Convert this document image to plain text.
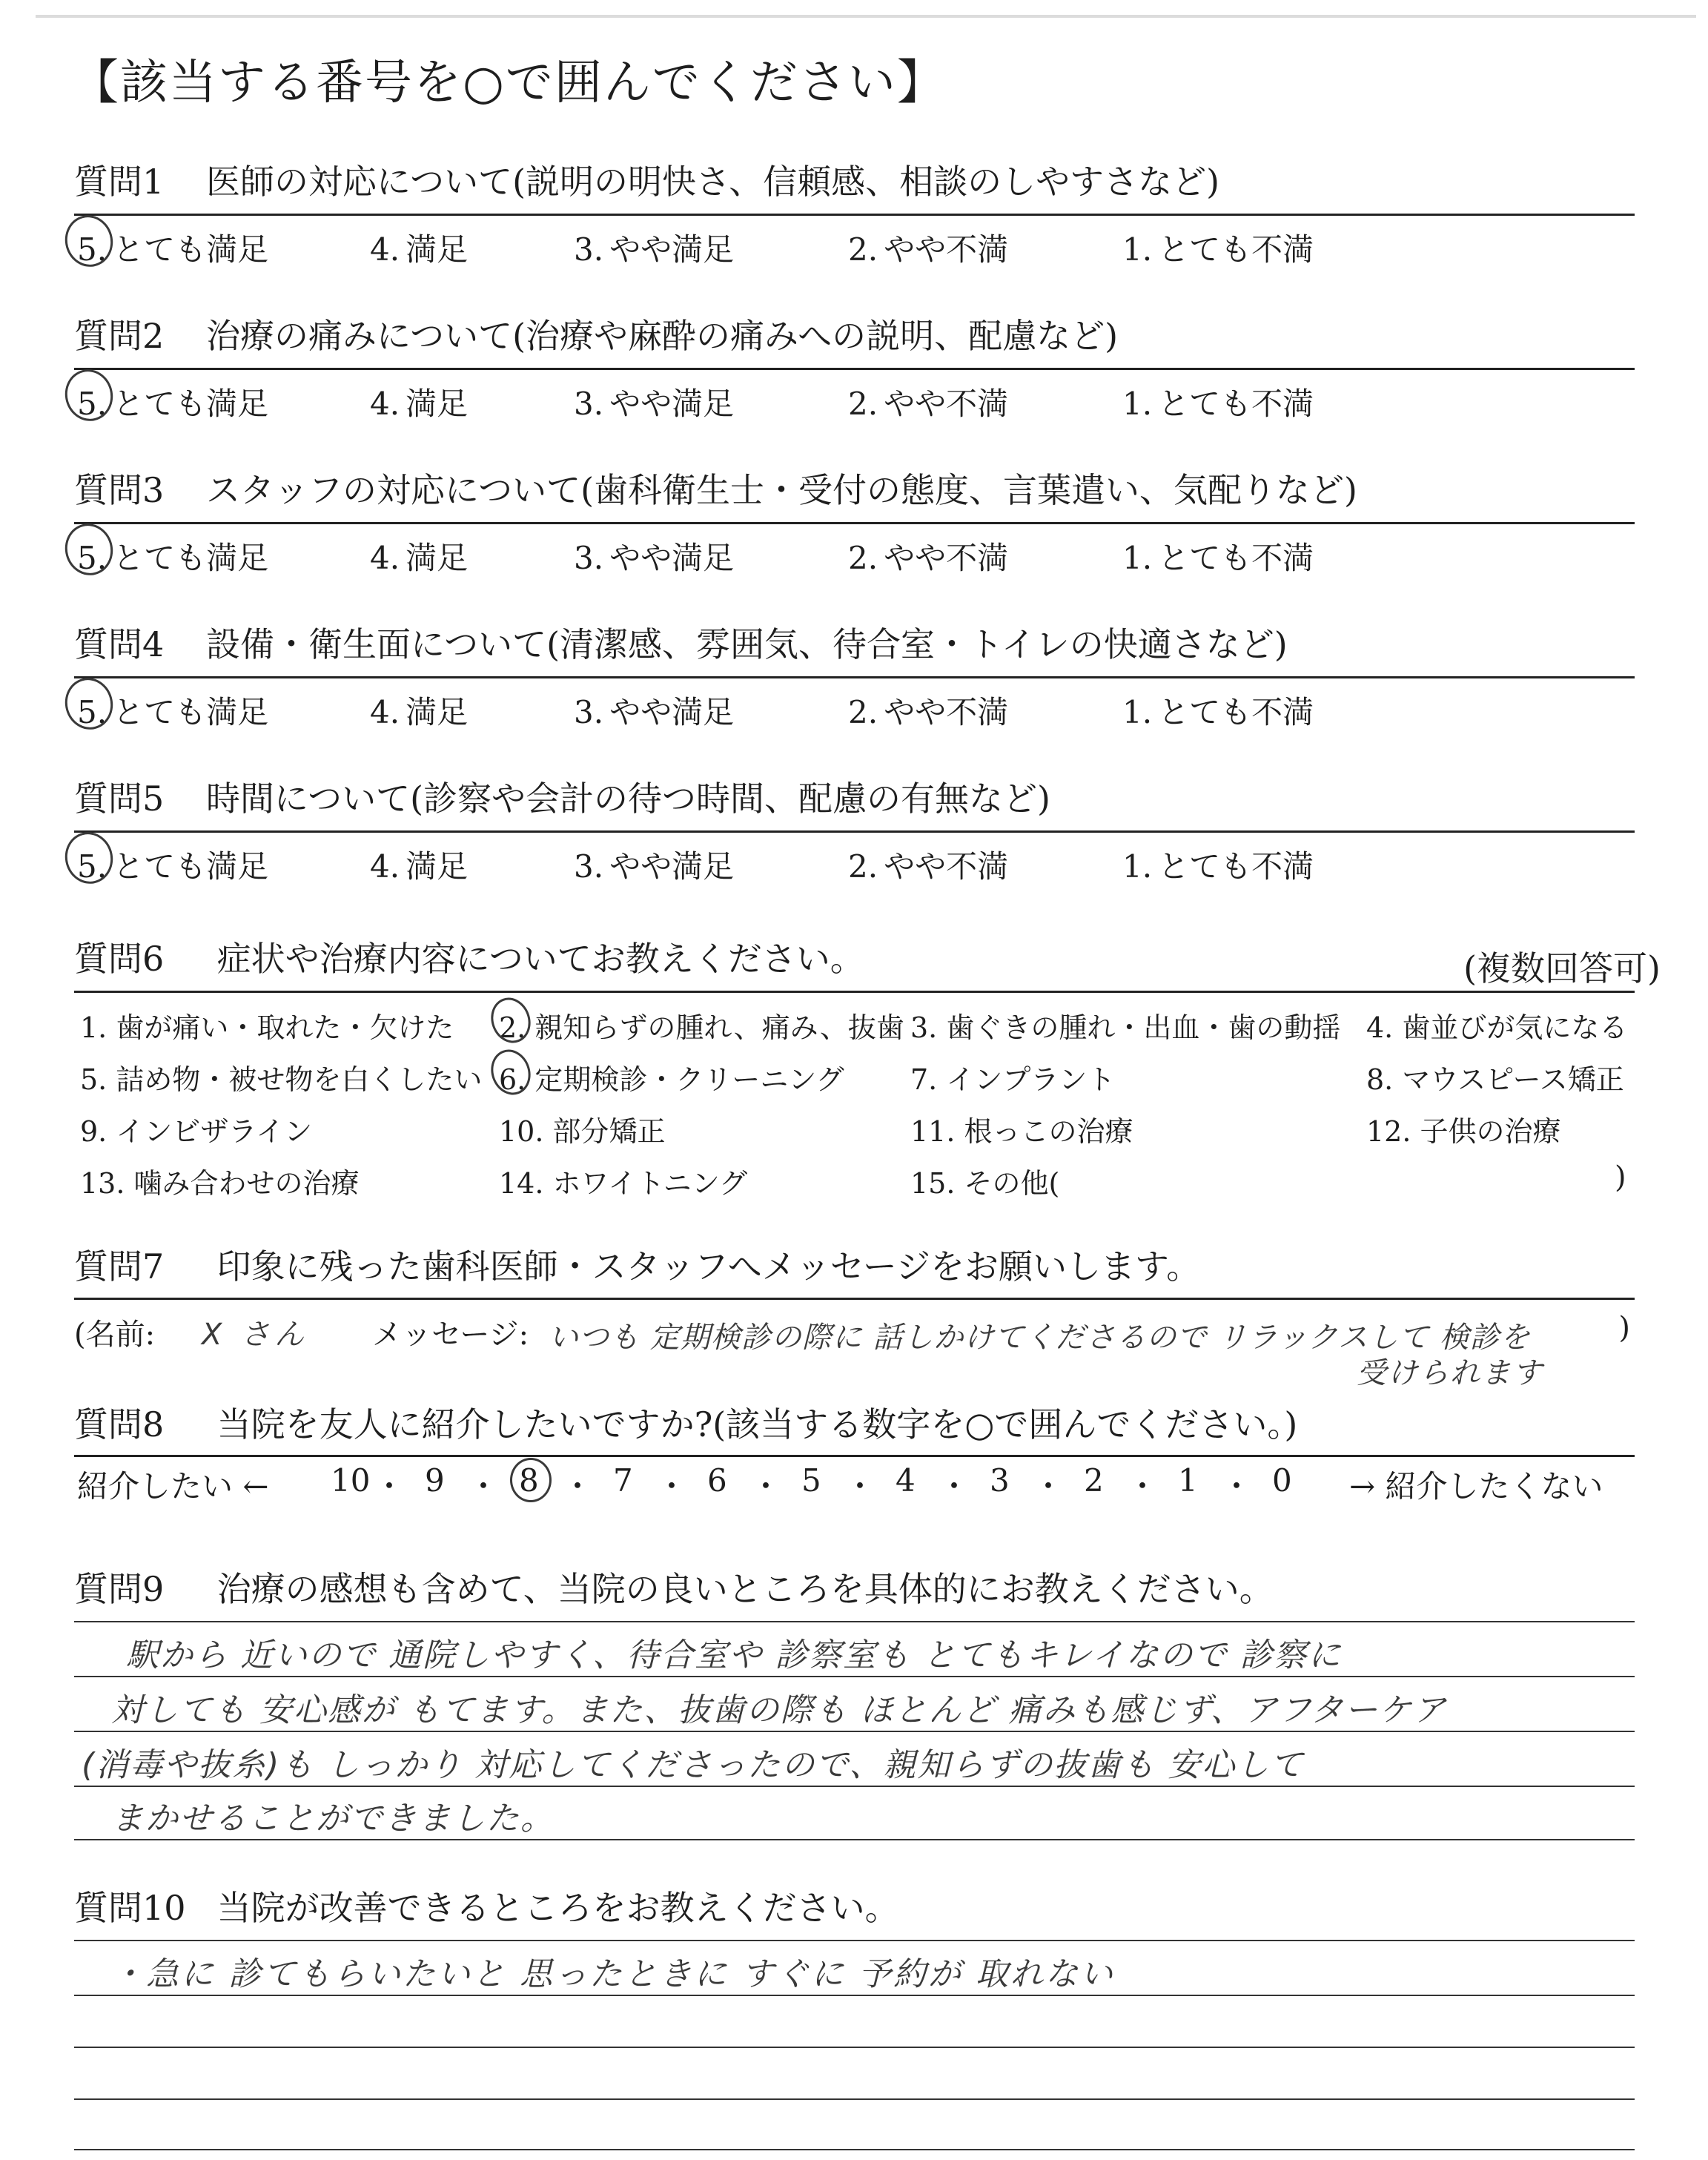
【該当する番号を○で囲んでください】
質問1 医師の対応について(説明の明快さ、信頼感、相談のしやすさなど)
5. とても満足	4. 満足	3. やや満足	2. やや不満	1. とても不満
質問2 治療の痛みについて(治療や麻酔の痛みへの説明、配慮など)
5. とても満足	4. 満足	3. やや満足	2. やや不満	1. とても不満
質問3 スタッフの対応について(歯科衛生士・受付の態度、言葉遣い、気配りなど)
5. とても満足	4. 満足	3. やや満足	2. やや不満	1. とても不満
質問4 設備・衛生面について(清潔感、雰囲気、待合室・トイレの快適さなど)
5. とても満足	4. 満足	3. やや満足	2. やや不満	1. とても不満
質問5 時間について(診察や会計の待つ時間、配慮の有無など)
5. とても満足	4. 満足	3. やや満足	2. やや不満	1. とても不満
質問6 症状や治療内容についてお教えください。	(複数回答可)
1. 歯が痛い・取れた・欠けた 2. 親知らずの腫れ、痛み、抜歯 3. 歯ぐきの腫れ・出血・歯の動揺 4. 歯並びが気になる
5. 詰め物・被せ物を白くしたい 6. 定期検診・クリーニング 7. インプラント	8. マウスピース矯正
9. インビザライン	10. 部分矯正	11. 根っこの治療	12. 子供の治療
13. 噛み合わせの治療	14. ホワイトニング	15. その他(	)
質問7 印象に残った歯科医師・スタッフへメッセージをお願いします。
(名前: X さん メッセージ: いつも 定期検診の際に 話しかけてくださるので リラックスして 検診を	)
受けられます
質問8 当院を友人に紹介したいですか?(該当する数字を○で囲んでください。)
紹介したい ← 10 ・ 9 ・ 8 ・ 7 ・ 6 ・ 5 ・ 4 ・ 3 ・ 2 ・ 1 ・ 0 → 紹介したくない
質問9 治療の感想も含めて、当院の良いところを具体的にお教えください。
駅から 近いので 通院しやすく、待合室や 診察室も とてもキレイなので 診察に
対しても 安心感が もてます。また、抜歯の際も ほとんど 痛みも感じず、アフターケア
(消毒や抜糸)も しっかり 対応してくださったので、親知らずの抜歯も 安心して
まかせることができました。
質問10 当院が改善できるところをお教えください。
・急に 診てもらいたいと 思ったときに すぐに 予約が 取れない
